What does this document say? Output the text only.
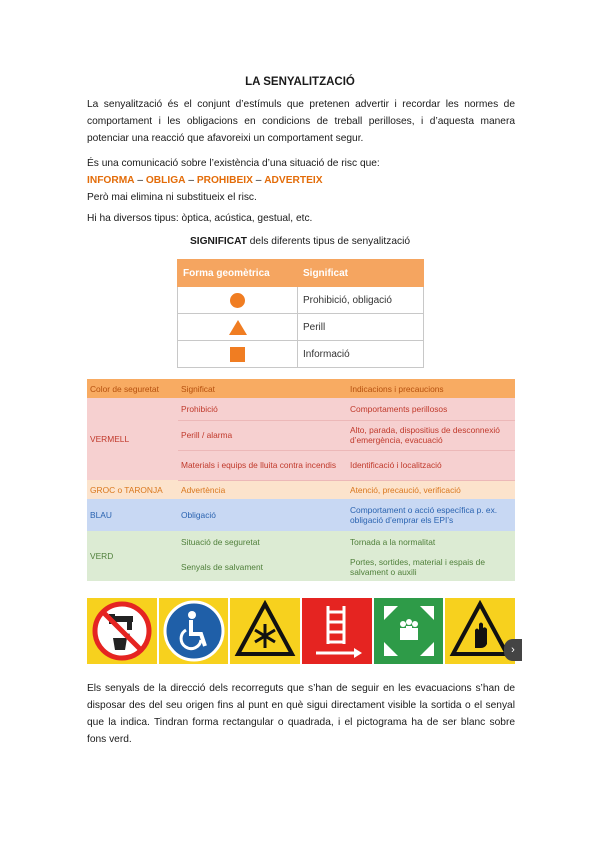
LA SENYALITZACIÓ

La senyalització és el conjunt d’estímuls que pretenen advertir i recordar les normes de comportament i les obligacions en condicions de treball perilloses, i d’aquesta manera potenciar una reacció que afavoreixi un comportament segur.

És una comunicació sobre l’existència d’una situació de risc que:
INFORMA – OBLIGA – PROHIBEIX – ADVERTEIX
Però mai elimina ni substitueix el risc.

Hi ha diversos tipus: òptica, acústica, gestual, etc.

SIGNIFICAT dels diferents tipus de senyalització
Forma geomètrica	Significat
	Prohibició, obligació
	Perill
	Informació
Color de seguretat	Significat	Indicacions i precaucions
VERMELL	Prohibició	Comportaments perillosos
	Perill / alarma	Alto, parada, dispositius de desconnexió d’emergència, evacuació
	Materials i equips de lluita contra incendis	Identificació i localització
GROC o TARONJA	Advertència	Atenció, precaució, verificació
BLAU	Obligació	Comportament o acció específica p. ex. obligació d’emprar els EPI’s
VERD	Situació de seguretat	Tornada a la normalitat
	Senyals de salvament	Portes, sortides, material i espais de salvament o auxili
›

Els senyals de la direcció dels recorreguts que s’han de seguir en les evacuacions s’han de disposar des del seu origen fins al punt en què sigui directament visible la sortida o el senyal que la indica. Tindran forma rectangular o quadrada, i el pictograma ha de ser blanc sobre fons verd.
